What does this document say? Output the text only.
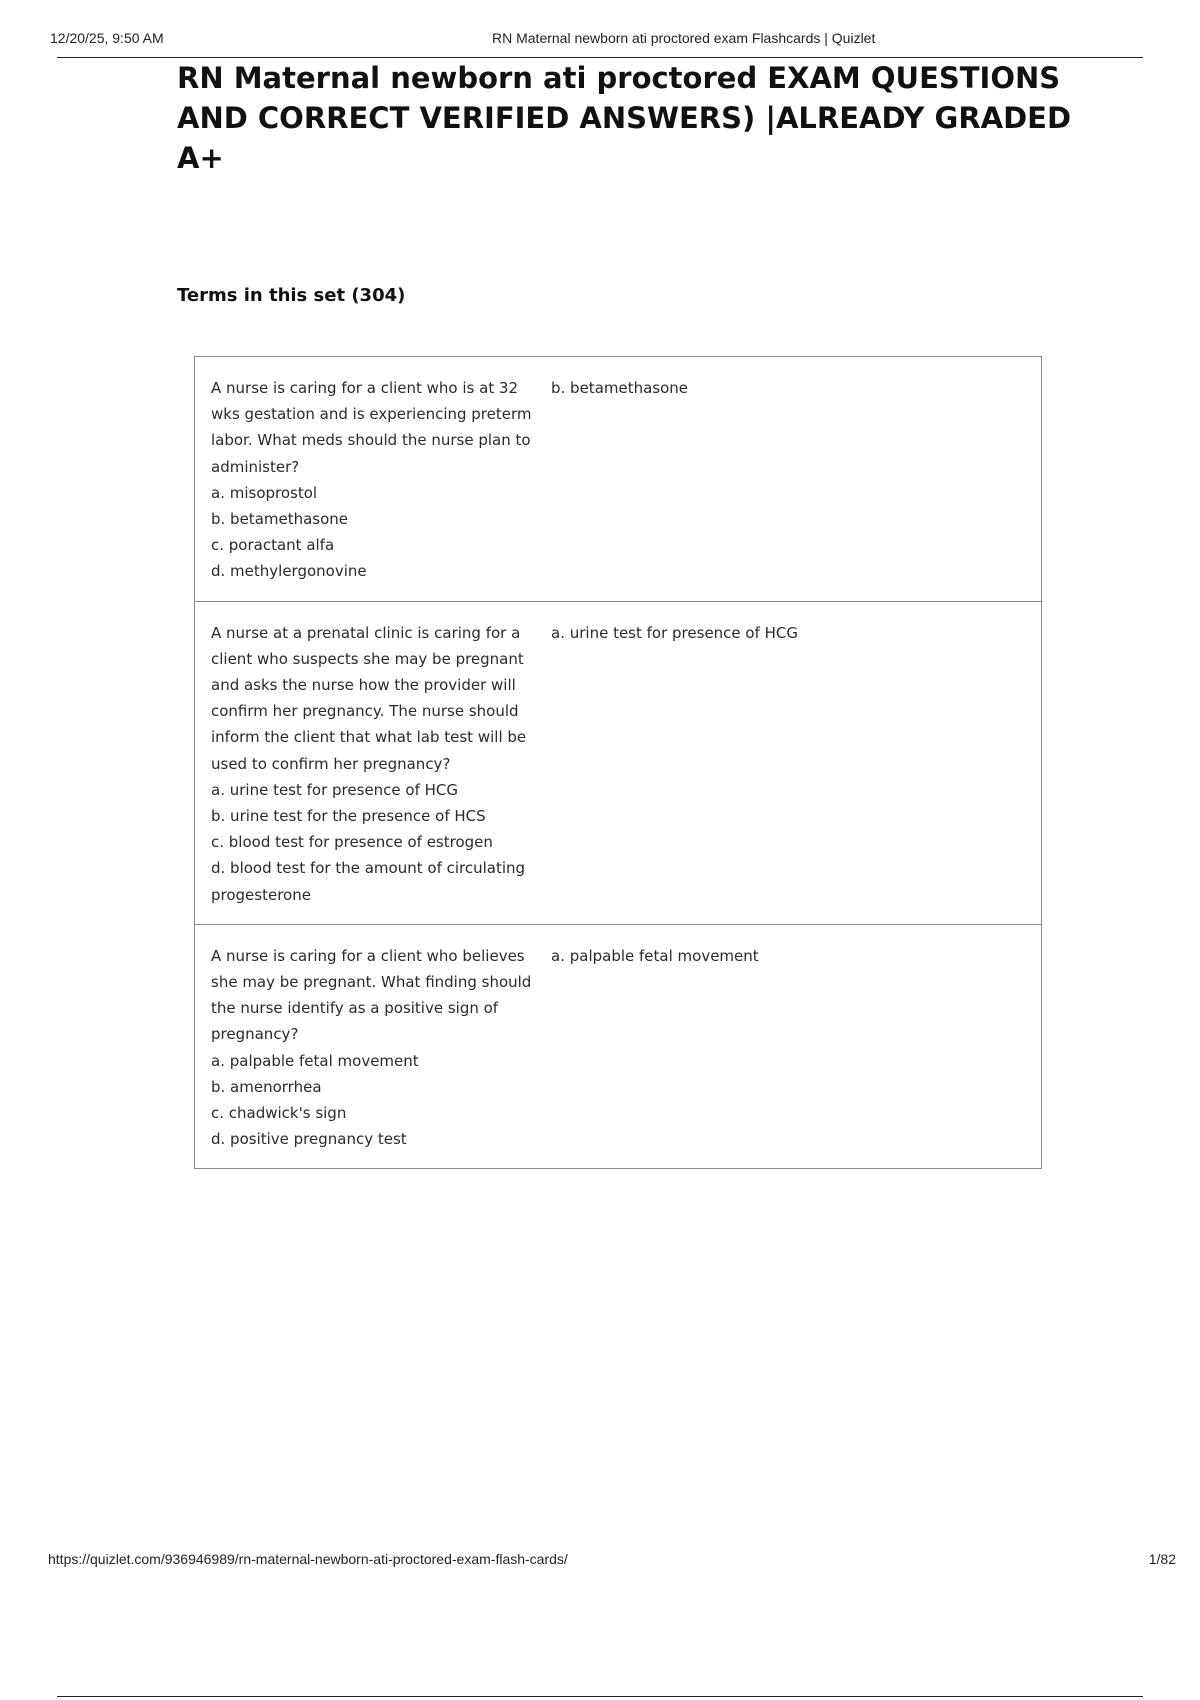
12/20/25, 9:50 AM	RN Maternal newborn ati proctored exam Flashcards | Quizlet
RN Maternal newborn ati proctored EXAM QUESTIONS AND CORRECT VERIFIED ANSWERS) |ALREADY GRADED A+
Terms in this set (304)
A nurse is caring for a client who is at 32 wks gestation and is experiencing preterm labor. What meds should the nurse plan to administer?
a. misoprostol
b. betamethasone
c. poractant alfa
d. methylergonovine
b. betamethasone
A nurse at a prenatal clinic is caring for a client who suspects she may be pregnant and asks the nurse how the provider will confirm her pregnancy. The nurse should inform the client that what lab test will be used to confirm her pregnancy?
a. urine test for presence of HCG
b. urine test for the presence of HCS
c. blood test for presence of estrogen
d. blood test for the amount of circulating progesterone
a. urine test for presence of HCG
A nurse is caring for a client who believes she may be pregnant. What finding should the nurse identify as a positive sign of pregnancy?
a. palpable fetal movement
b. amenorrhea
c. chadwick's sign
d. positive pregnancy test
a. palpable fetal movement
https://quizlet.com/936946989/rn-maternal-newborn-ati-proctored-exam-flash-cards/	1/82
